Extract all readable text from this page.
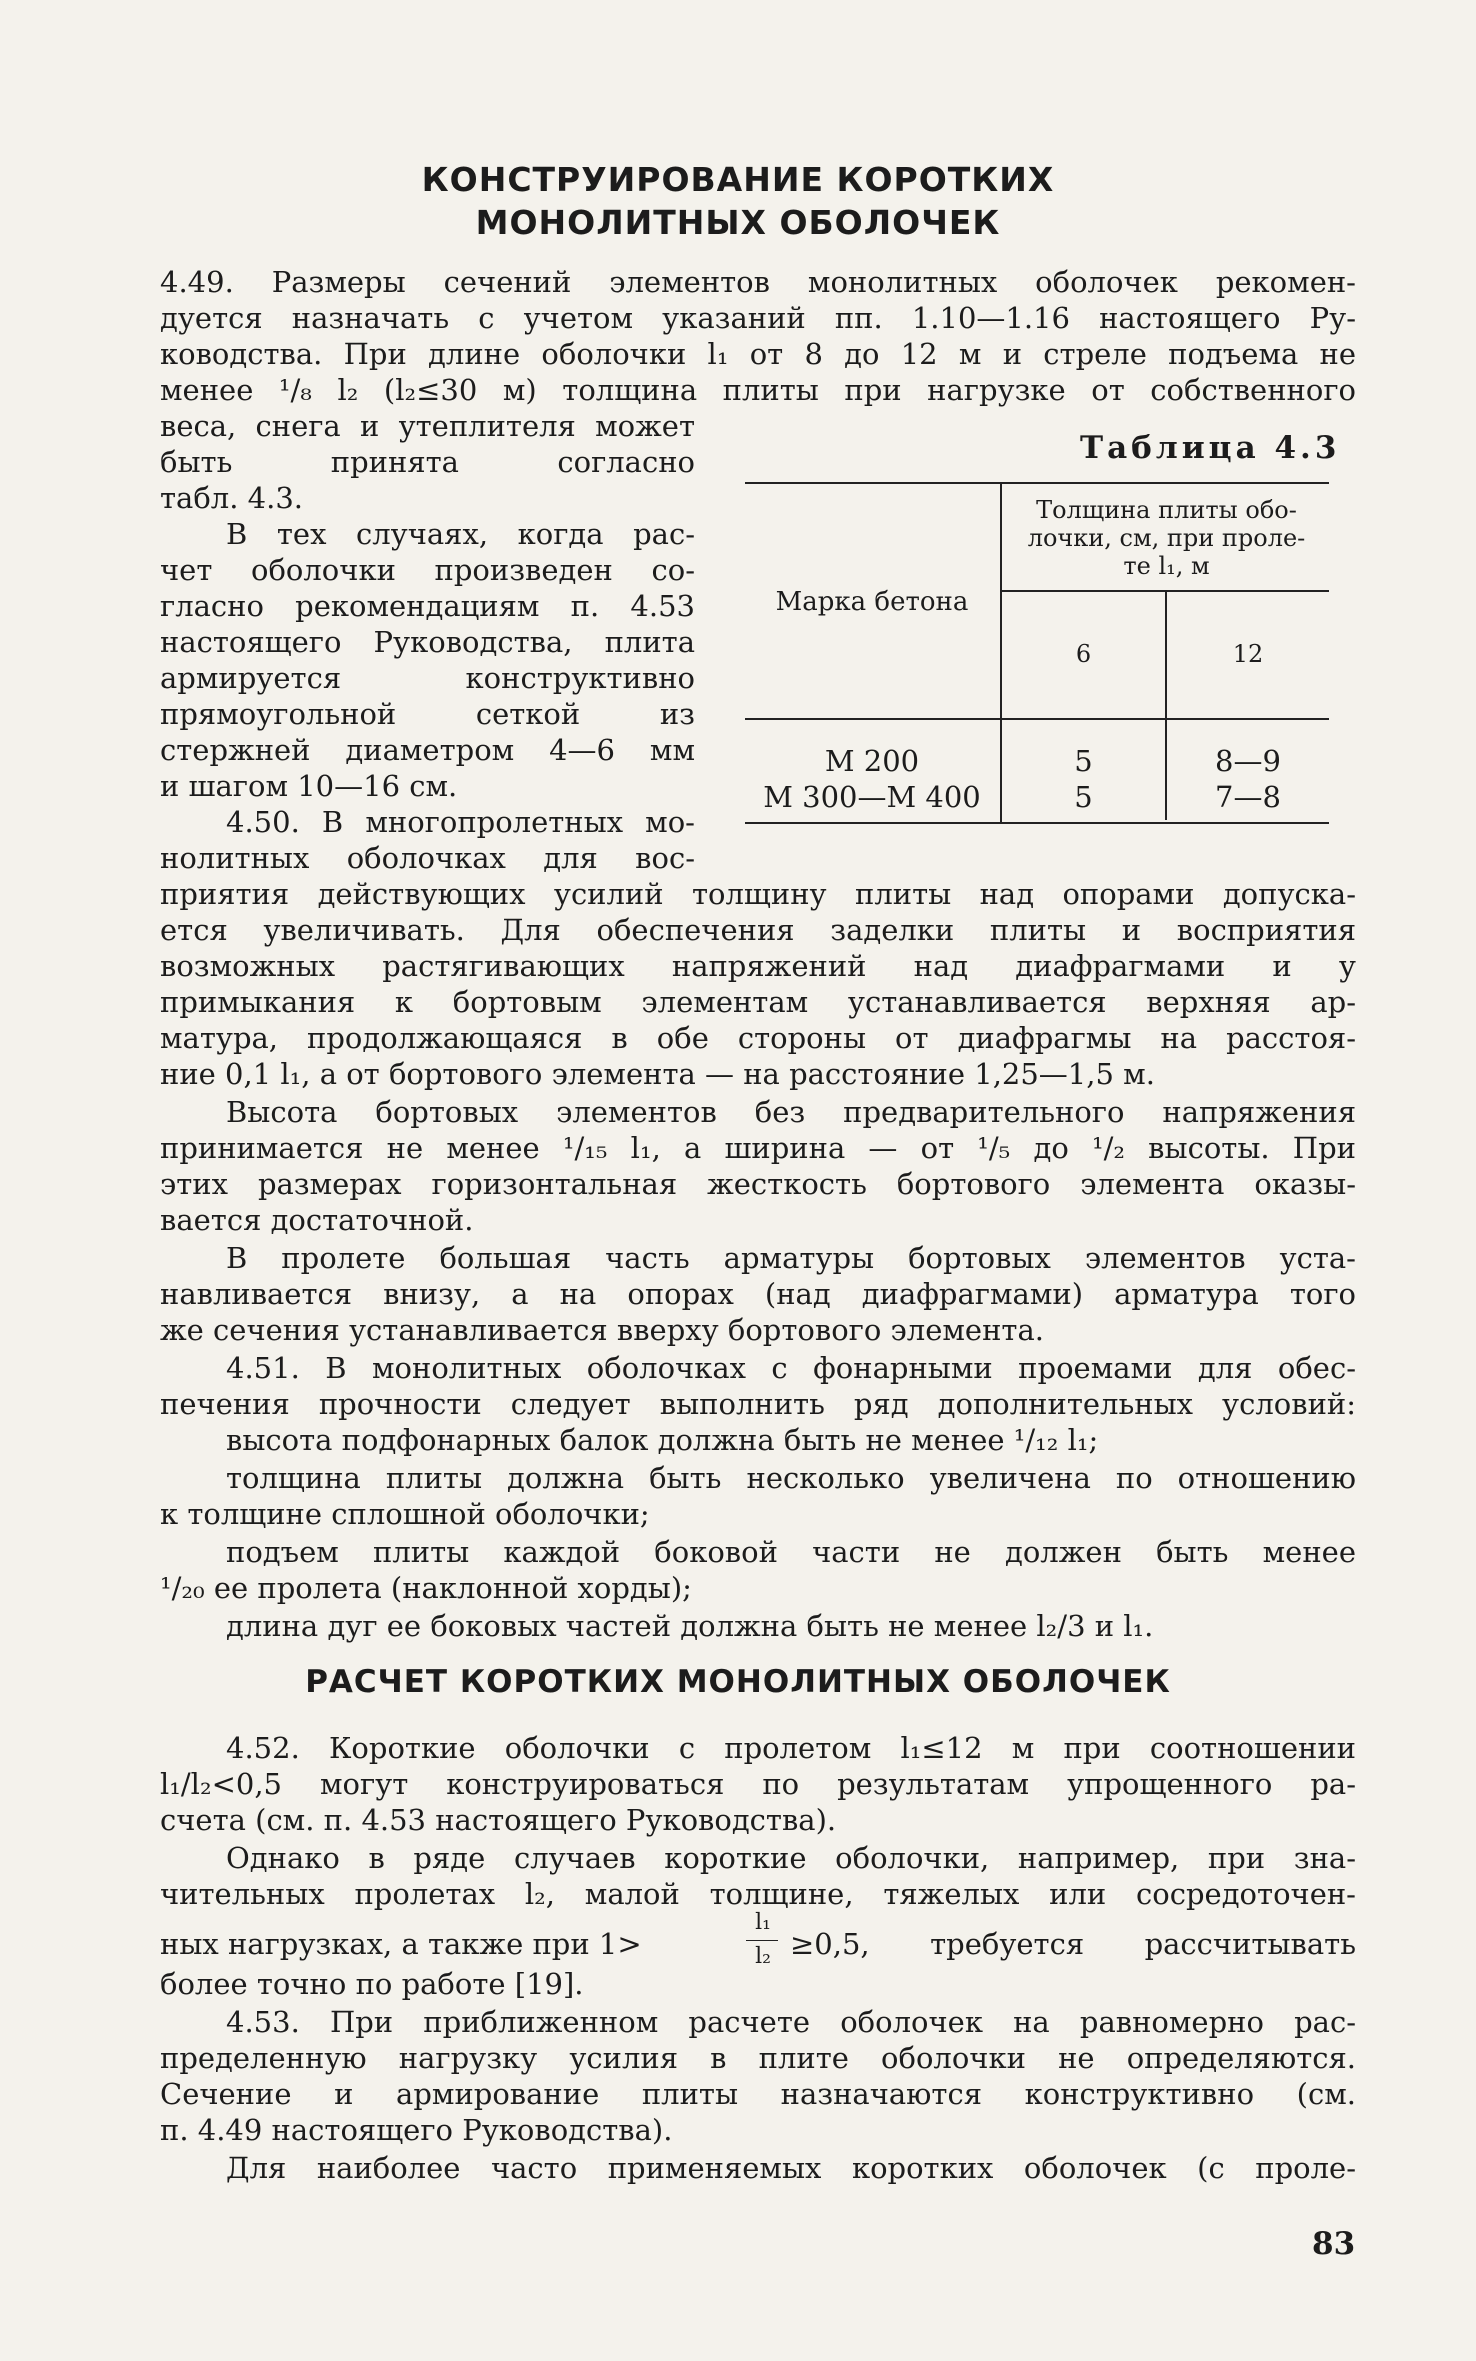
КОНСТРУИРОВАНИЕ КОРОТКИХ
МОНОЛИТНЫХ ОБОЛОЧЕК
4.49. Размеры сечений элементов монолитных оболочек рекомен-
дуется назначать с учетом указаний пп. 1.10—1.16 настоящего Ру-
ководства. При длине оболочки l₁ от 8 до 12 м и стреле подъема не
менее ¹/₈ l₂ (l₂≤30 м) толщина плиты при нагрузке от собственного
веса, снега и утеплителя может
быть принята согласно
табл. 4.3.
В тех случаях, когда рас-
чет оболочки произведен со-
гласно рекомендациям п. 4.53
настоящего Руководства, плита
армируется конструктивно
прямоугольной сеткой из
стержней диаметром 4—6 мм
и шагом 10—16 см.
4.50. В многопролетных мо-
нолитных оболочках для вос-
Таблица 4.3
Толщина плиты обо-
лочки, см, при проле-
те l₁, м
Марка бетона
6	12
М 200	5	8—9
М 300—М 400	5	7—8
приятия действующих усилий толщину плиты над опорами допуска-
ется увеличивать. Для обеспечения заделки плиты и восприятия
возможных растягивающих напряжений над диафрагмами и у
примыкания к бортовым элементам устанавливается верхняя ар-
матура, продолжающаяся в обе стороны от диафрагмы на расстоя-
ние 0,1 l₁, а от бортового элемента — на расстояние 1,25—1,5 м.
Высота бортовых элементов без предварительного напряжения
принимается не менее ¹/₁₅ l₁, а ширина — от ¹/₅ до ¹/₂ высоты. При
этих размерах горизонтальная жесткость бортового элемента оказы-
вается достаточной.
В пролете большая часть арматуры бортовых элементов уста-
навливается внизу, а на опорах (над диафрагмами) арматура того
же сечения устанавливается вверху бортового элемента.
4.51. В монолитных оболочках с фонарными проемами для обес-
печения прочности следует выполнить ряд дополнительных условий:
высота подфонарных балок должна быть не менее ¹/₁₂ l₁;
толщина плиты должна быть несколько увеличена по отношению
к толщине сплошной оболочки;
подъем плиты каждой боковой части не должен быть менее
¹/₂₀ ее пролета (наклонной хорды);
длина дуг ее боковых частей должна быть не менее l₂/3 и l₁.
РАСЧЕТ КОРОТКИХ МОНОЛИТНЫХ ОБОЛОЧЕК
4.52. Короткие оболочки с пролетом l₁≤12 м при соотношении
l₁/l₂<0,5 могут конструироваться по результатам упрощенного ра-
счета (см. п. 4.53 настоящего Руководства).
Однако в ряде случаев короткие оболочки, например, при зна-
чительных пролетах l₂, малой толщине, тяжелых или сосредоточен-
ных нагрузках, а также при 1>
l₁
l₂ ≥0,5, требуется рассчитывать
более точно по работе [19].
4.53. При приближенном расчете оболочек на равномерно рас-
пределенную нагрузку усилия в плите оболочки не определяются.
Сечение и армирование плиты назначаются конструктивно (см.
п. 4.49 настоящего Руководства).
Для наиболее часто применяемых коротких оболочек (с проле-
83
